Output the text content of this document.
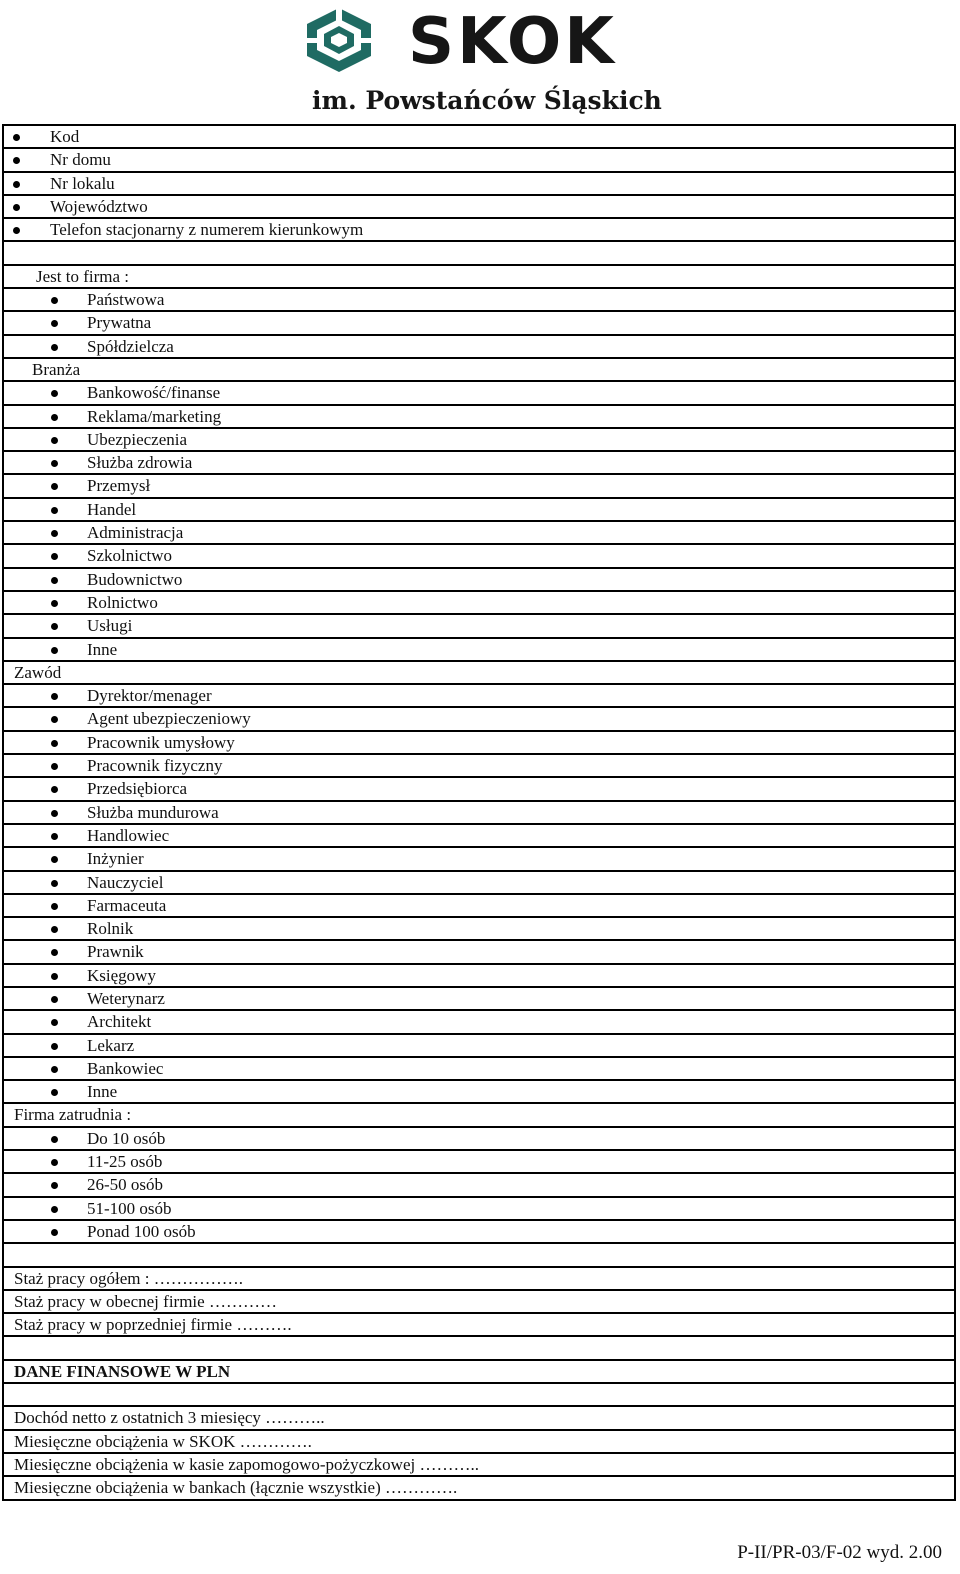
SKOK
im. Powstańców Śląskich
Kod
Nr domu
Nr lokalu
Województwo
Telefon stacjonarny z numerem kierunkowym
Jest to firma :
Państwowa
Prywatna
Spółdzielcza
Branża
Bankowość/finanse
Reklama/marketing
Ubezpieczenia
Służba zdrowia
Przemysł
Handel
Administracja
Szkolnictwo
Budownictwo
Rolnictwo
Usługi
Inne
Zawód
Dyrektor/menager
Agent ubezpieczeniowy
Pracownik umysłowy
Pracownik fizyczny
Przedsiębiorca
Służba mundurowa
Handlowiec
Inżynier
Nauczyciel
Farmaceuta
Rolnik
Prawnik
Księgowy
Weterynarz
Architekt
Lekarz
Bankowiec
Inne
Firma zatrudnia :
Do 10 osób
11-25 osób
26-50 osób
51-100 osób
Ponad 100 osób
Staż pracy ogółem : …………….
Staż pracy w obecnej firmie …………
Staż pracy w poprzedniej firmie ……….
DANE FINANSOWE W PLN
Dochód netto z ostatnich 3 miesięcy ………..
Miesięczne obciążenia w SKOK ………….
Miesięczne obciążenia w kasie zapomogowo-pożyczkowej ………..
Miesięczne obciążenia w bankach (łącznie wszystkie) ………….
P-II/PR-03/F-02 wyd. 2.00
